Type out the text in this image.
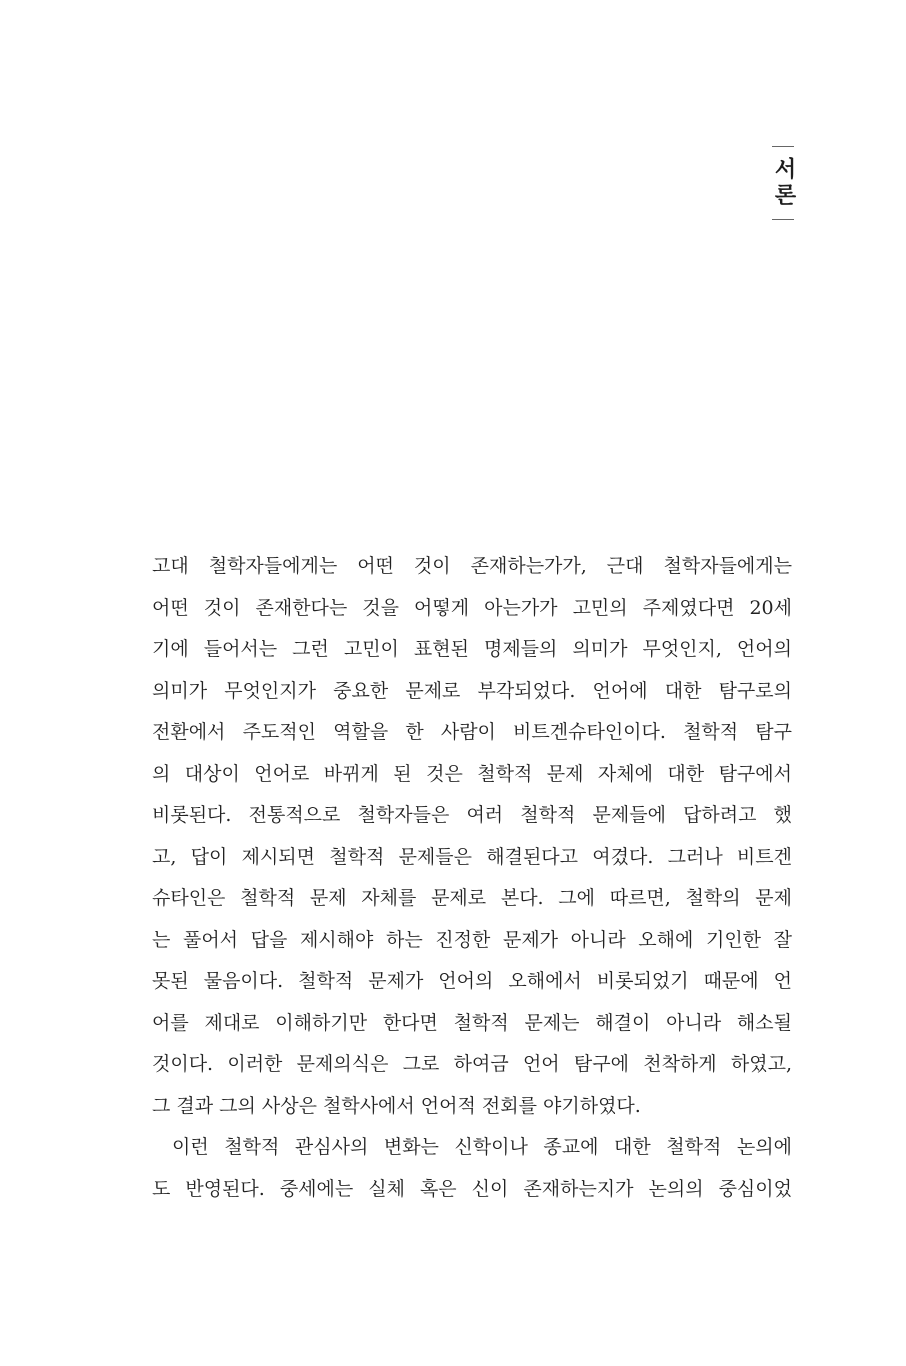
서론
고대 철학자들에게는 어떤 것이 존재하는가가, 근대 철학자들에게는
어떤 것이 존재한다는 것을 어떻게 아는가가 고민의 주제였다면 20세
기에 들어서는 그런 고민이 표현된 명제들의 의미가 무엇인지, 언어의
의미가 무엇인지가 중요한 문제로 부각되었다. 언어에 대한 탐구로의
전환에서 주도적인 역할을 한 사람이 비트겐슈타인이다. 철학적 탐구
의 대상이 언어로 바뀌게 된 것은 철학적 문제 자체에 대한 탐구에서
비롯된다. 전통적으로 철학자들은 여러 철학적 문제들에 답하려고 했
고, 답이 제시되면 철학적 문제들은 해결된다고 여겼다. 그러나 비트겐
슈타인은 철학적 문제 자체를 문제로 본다. 그에 따르면, 철학의 문제
는 풀어서 답을 제시해야 하는 진정한 문제가 아니라 오해에 기인한 잘
못된 물음이다. 철학적 문제가 언어의 오해에서 비롯되었기 때문에 언
어를 제대로 이해하기만 한다면 철학적 문제는 해결이 아니라 해소될
것이다. 이러한 문제의식은 그로 하여금 언어 탐구에 천착하게 하였고,
그 결과 그의 사상은 철학사에서 언어적 전회를 야기하였다.
이런 철학적 관심사의 변화는 신학이나 종교에 대한 철학적 논의에
도 반영된다. 중세에는 실체 혹은 신이 존재하는지가 논의의 중심이었
